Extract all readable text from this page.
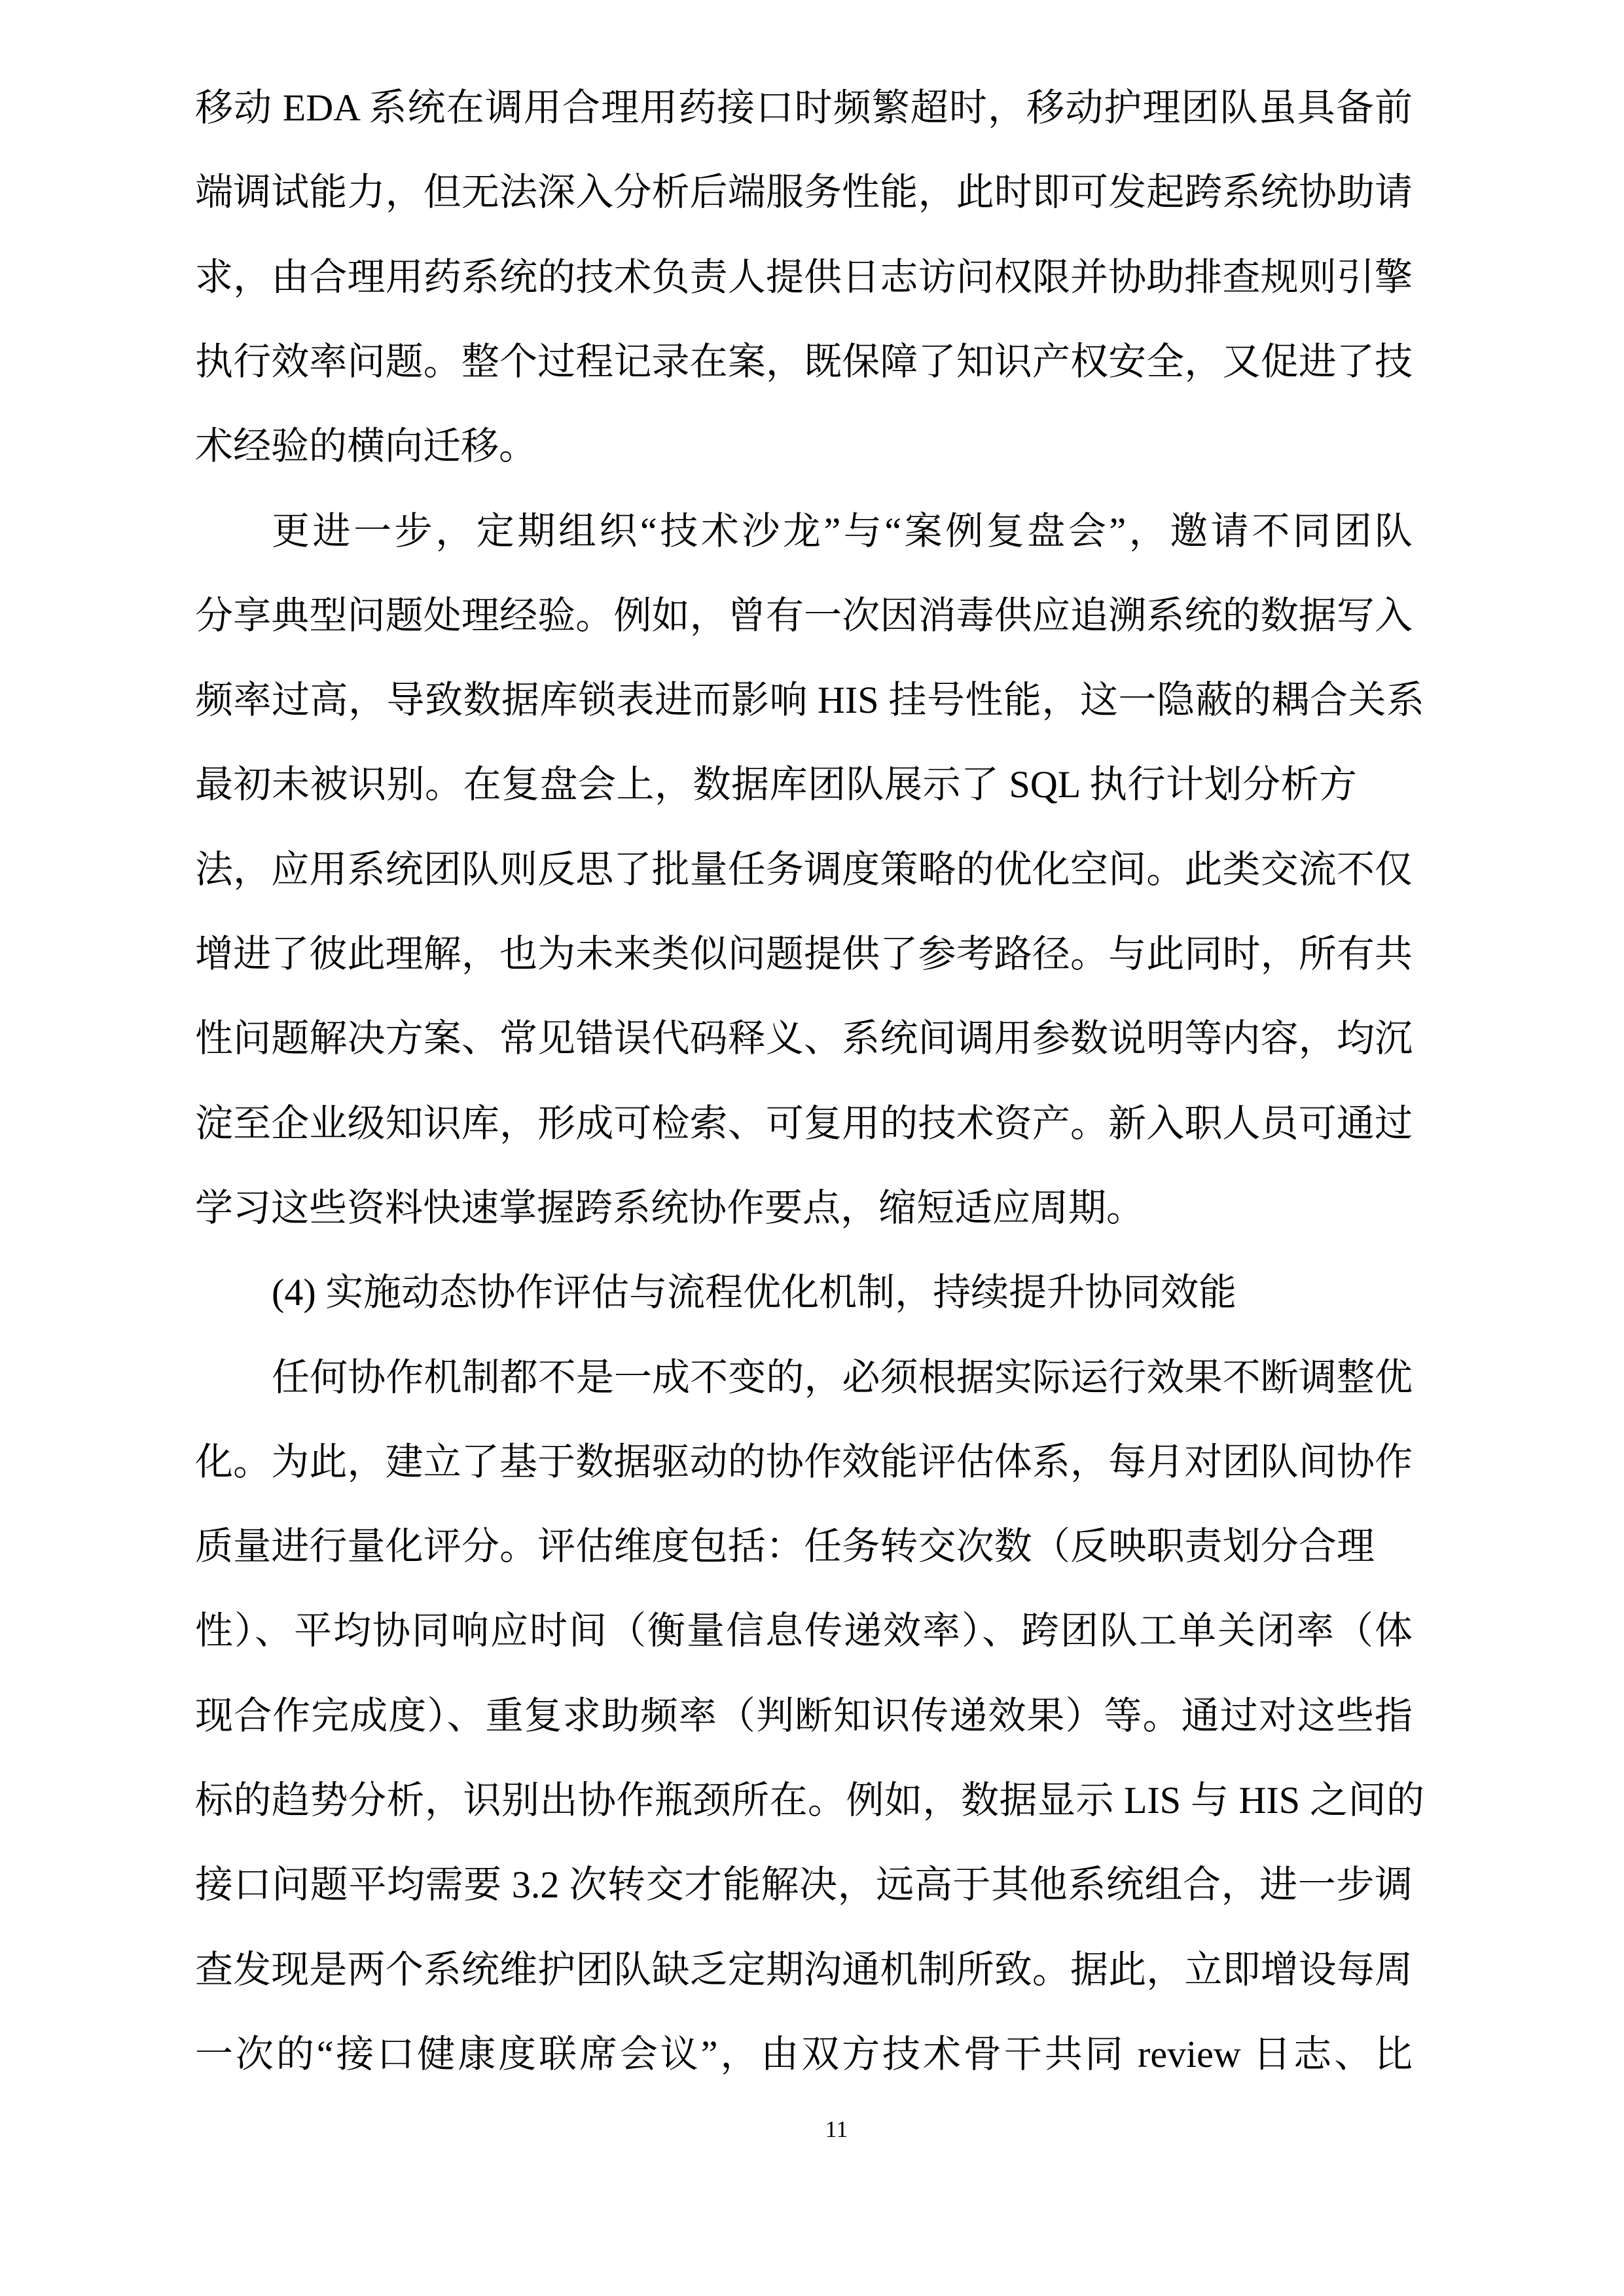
移动 EDA 系统在调用合理用药接口时频繁超时，移动护理团队虽具备前
端调试能力，但无法深入分析后端服务性能，此时即可发起跨系统协助请
求，由合理用药系统的技术负责人提供日志访问权限并协助排查规则引擎
执行效率问题。整个过程记录在案，既保障了知识产权安全，又促进了技
术经验的横向迁移。
更进一步，定期组织“技术沙龙”与“案例复盘会”，邀请不同团队
分享典型问题处理经验。例如，曾有一次因消毒供应追溯系统的数据写入
频率过高，导致数据库锁表进而影响 HIS 挂号性能，这一隐蔽的耦合关系
最初未被识别。在复盘会上，数据库团队展示了 SQL 执行计划分析方
法，应用系统团队则反思了批量任务调度策略的优化空间。此类交流不仅
增进了彼此理解，也为未来类似问题提供了参考路径。与此同时，所有共
性问题解决方案、常见错误代码释义、系统间调用参数说明等内容，均沉
淀至企业级知识库，形成可检索、可复用的技术资产。新入职人员可通过
学习这些资料快速掌握跨系统协作要点，缩短适应周期。
(4) 实施动态协作评估与流程优化机制，持续提升协同效能
任何协作机制都不是一成不变的，必须根据实际运行效果不断调整优
化。为此，建立了基于数据驱动的协作效能评估体系，每月对团队间协作
质量进行量化评分。评估维度包括：任务转交次数（反映职责划分合理
性）、平均协同响应时间（衡量信息传递效率）、跨团队工单关闭率（体
现合作完成度）、重复求助频率（判断知识传递效果）等。通过对这些指
标的趋势分析，识别出协作瓶颈所在。例如，数据显示 LIS 与 HIS 之间的
接口问题平均需要 3.2 次转交才能解决，远高于其他系统组合，进一步调
查发现是两个系统维护团队缺乏定期沟通机制所致。据此，立即增设每周
一次的“接口健康度联席会议”，由双方技术骨干共同 review 日志、比
11
